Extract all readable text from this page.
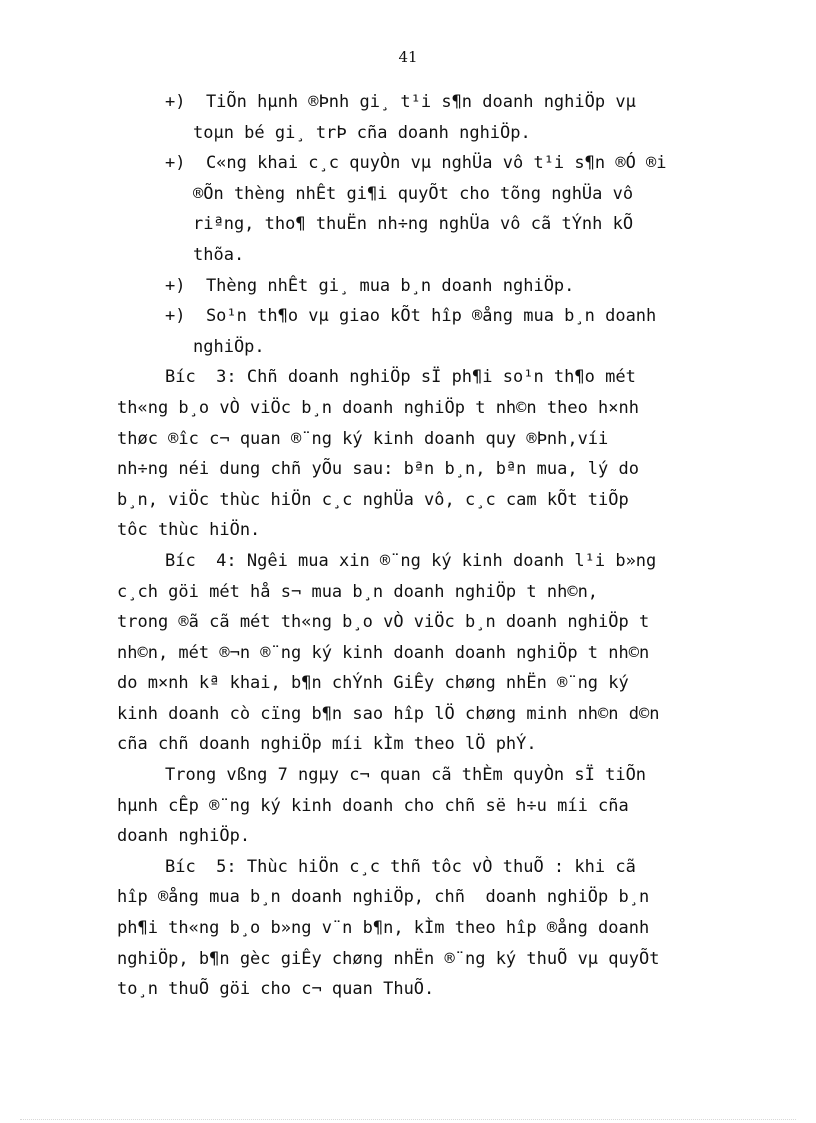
41
+)  TiÕn hµnh ®Þnh gi¸ t¹i s¶n doanh nghiÖp vµ
toµn bé gi¸ trÞ cña doanh nghiÖp.
+)  C«ng khai c¸c quyÒn vµ nghÜa vô t¹i s¶n ®Ó ®i
®Õn thèng nhÊt gi¶i quyÕt cho tõng nghÜa vô
riªng, tho¶ thuËn nh÷ng nghÜa vô cã tÝnh kÕ
thõa.
+)  Thèng nhÊt gi¸ mua b¸n doanh nghiÖp.
+)  So¹n th¶o vµ giao kÕt hîp ®ång mua b¸n doanh
nghiÖp.
Bíc  3: Chñ doanh nghiÖp sÏ ph¶i so¹n th¶o mét
th«ng b¸o vÒ viÖc b¸n doanh nghiÖp t nh©n theo h×nh
thøc ®îc c¬ quan ®¨ng ký kinh doanh quy ®Þnh,víi
nh÷ng néi dung chñ yÕu sau: bªn b¸n, bªn mua, lý do
b¸n, viÖc thùc hiÖn c¸c nghÜa vô, c¸c cam kÕt tiÕp
tôc thùc hiÖn.
Bíc  4: Ngêi mua xin ®¨ng ký kinh doanh l¹i b»ng
c¸ch göi mét hå s¬ mua b¸n doanh nghiÖp t nh©n,
trong ®ã cã mét th«ng b¸o vÒ viÖc b¸n doanh nghiÖp t
nh©n, mét ®¬n ®¨ng ký kinh doanh doanh nghiÖp t nh©n
do m×nh kª khai, b¶n chÝnh GiÊy chøng nhËn ®¨ng ký
kinh doanh cò cïng b¶n sao hîp lÖ chøng minh nh©n d©n
cña chñ doanh nghiÖp míi kÌm theo lÖ phÝ.
Trong vßng 7 ngµy c¬ quan cã thÈm quyÒn sÏ tiÕn
hµnh cÊp ®¨ng ký kinh doanh cho chñ së h÷u míi cña
doanh nghiÖp.
Bíc  5: Thùc hiÖn c¸c thñ tôc vÒ thuÕ : khi cã
hîp ®ång mua b¸n doanh nghiÖp, chñ  doanh nghiÖp b¸n
ph¶i th«ng b¸o b»ng v¨n b¶n, kÌm theo hîp ®ång doanh
nghiÖp, b¶n gèc giÊy chøng nhËn ®¨ng ký thuÕ vµ quyÕt
to¸n thuÕ göi cho c¬ quan ThuÕ.
